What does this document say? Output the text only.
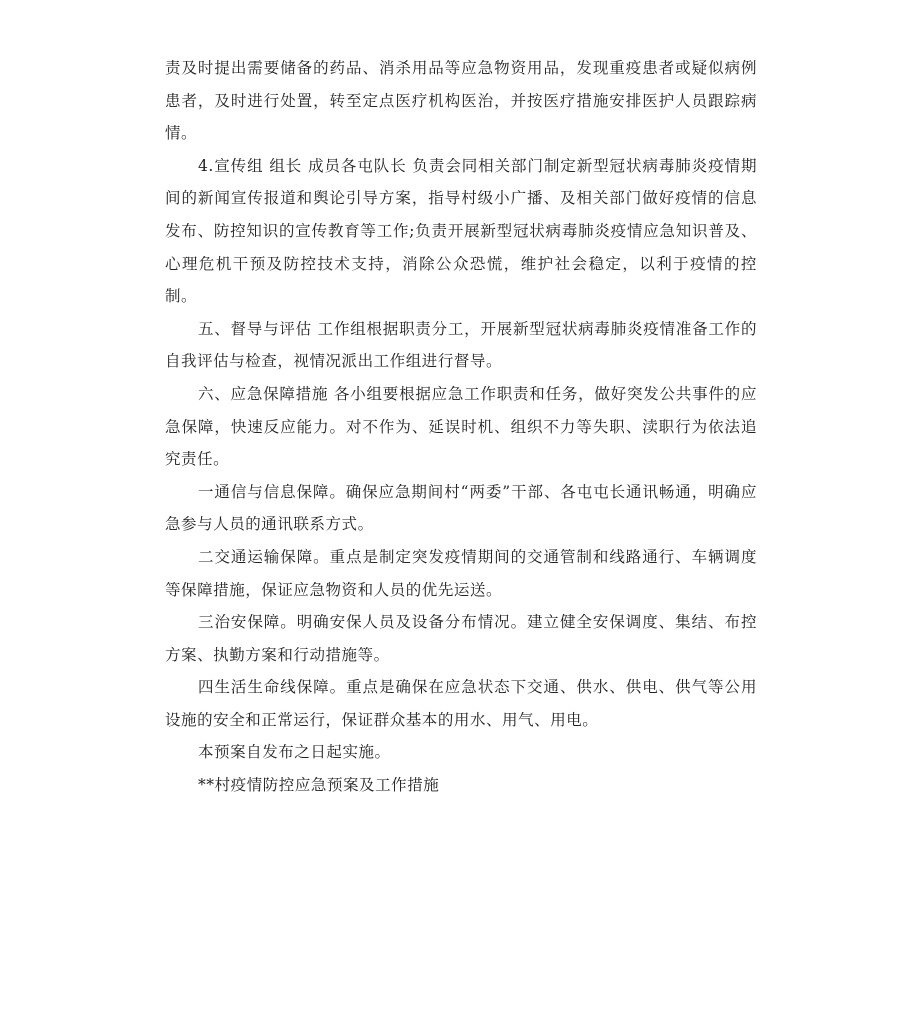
责及时提出需要储备的药品、消杀用品等应急物资用品，发现重疫患者或疑似病例患者，及时进行处置，转至定点医疗机构医治，并按医疗措施安排医护人员跟踪病情。

4.宣传组 组长 成员各屯队长 负责会同相关部门制定新型冠状病毒肺炎疫情期间的新闻宣传报道和舆论引导方案，指导村级小广播、及相关部门做好疫情的信息发布、防控知识的宣传教育等工作;负责开展新型冠状病毒肺炎疫情应急知识普及、心理危机干预及防控技术支持，消除公众恐慌，维护社会稳定，以利于疫情的控制。

五、督导与评估 工作组根据职责分工，开展新型冠状病毒肺炎疫情准备工作的自我评估与检查，视情况派出工作组进行督导。

六、应急保障措施 各小组要根据应急工作职责和任务，做好突发公共事件的应急保障，快速反应能力。对不作为、延误时机、组织不力等失职、渎职行为依法追究责任。

一通信与信息保障。确保应急期间村“两委”干部、各屯屯长通讯畅通，明确应急参与人员的通讯联系方式。

二交通运输保障。重点是制定突发疫情期间的交通管制和线路通行、车辆调度等保障措施，保证应急物资和人员的优先运送。

三治安保障。明确安保人员及设备分布情况。建立健全安保调度、集结、布控方案、执勤方案和行动措施等。

四生活生命线保障。重点是确保在应急状态下交通、供水、供电、供气等公用设施的安全和正常运行，保证群众基本的用水、用气、用电。

本预案自发布之日起实施。

**村疫情防控应急预案及工作措施
